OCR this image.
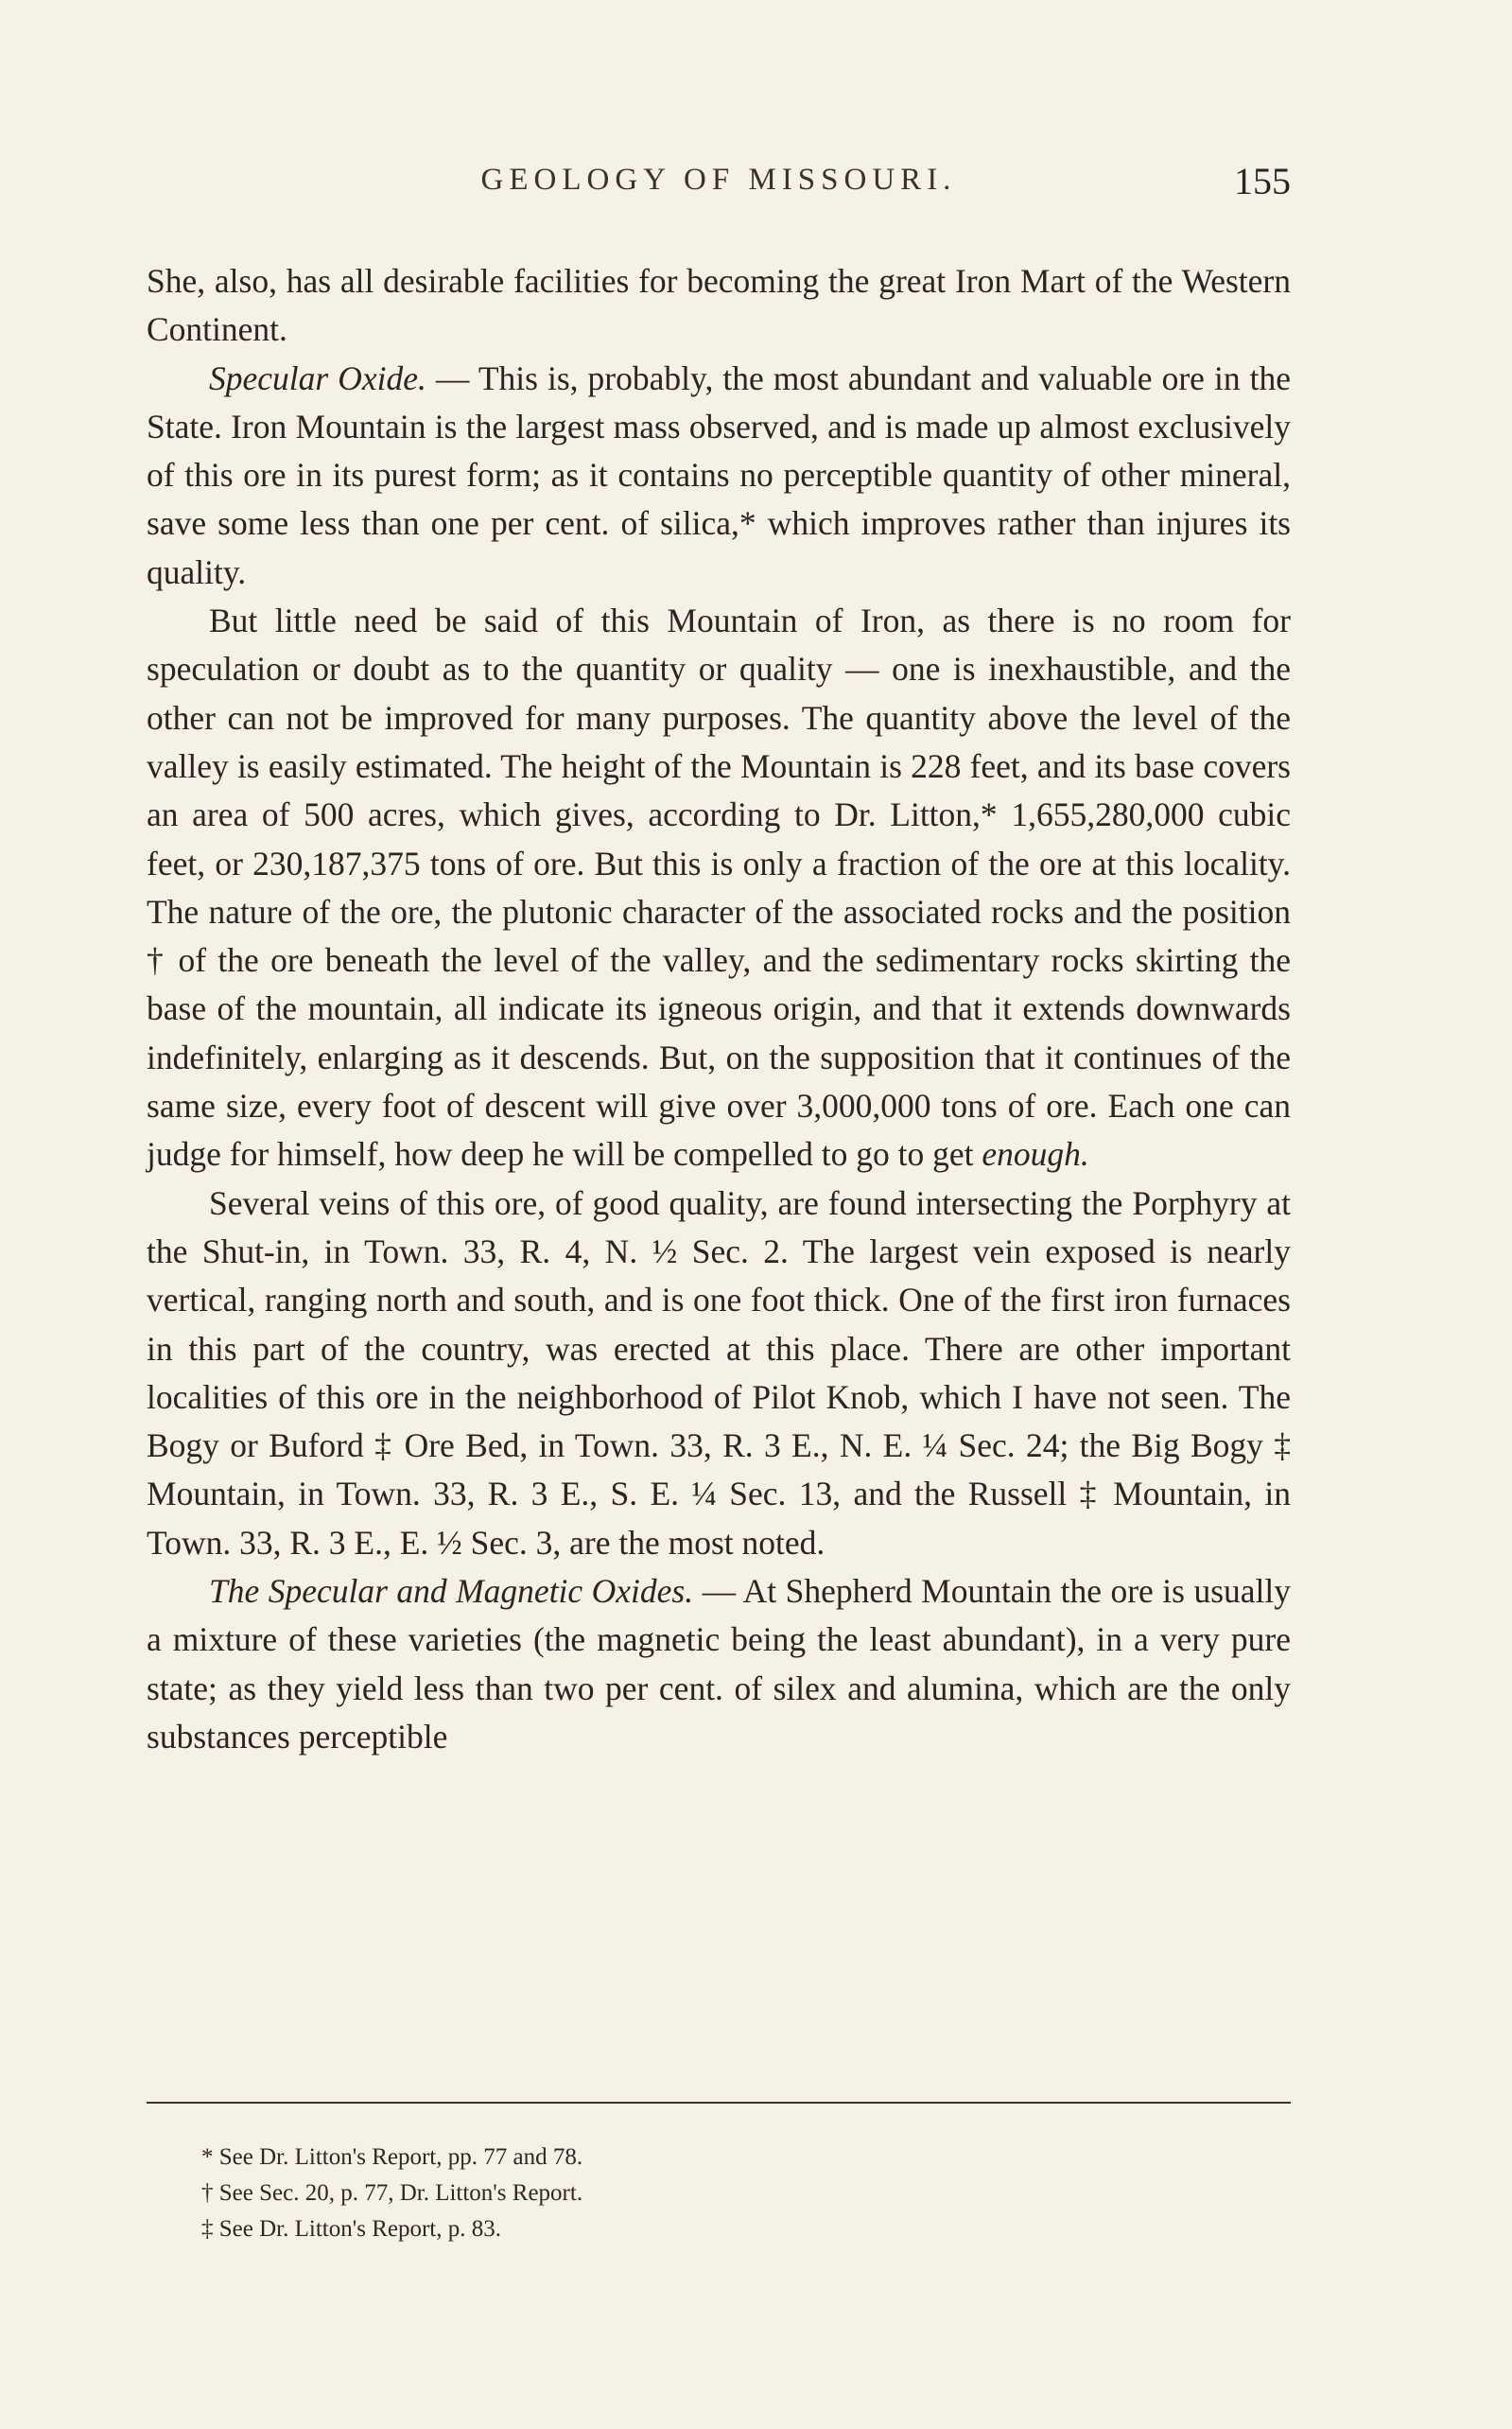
GEOLOGY OF MISSOURI.	155

She, also, has all desirable facilities for becoming the great Iron Mart of the Western Continent.

Specular Oxide. — This is, probably, the most abundant and valuable ore in the State. Iron Mountain is the largest mass observed, and is made up almost exclusively of this ore in its purest form; as it contains no perceptible quantity of other mineral, save some less than one per cent. of silica,* which improves rather than injures its quality.

But little need be said of this Mountain of Iron, as there is no room for speculation or doubt as to the quantity or quality — one is inexhaustible, and the other can not be improved for many purposes. The quantity above the level of the valley is easily estimated. The height of the Mountain is 228 feet, and its base covers an area of 500 acres, which gives, according to Dr. Litton,* 1,655,280,000 cubic feet, or 230,187,375 tons of ore. But this is only a fraction of the ore at this locality. The nature of the ore, the plutonic character of the associated rocks and the position † of the ore beneath the level of the valley, and the sedimentary rocks skirting the base of the mountain, all indicate its igneous origin, and that it extends downwards indefinitely, enlarging as it descends. But, on the supposition that it continues of the same size, every foot of descent will give over 3,000,000 tons of ore. Each one can judge for himself, how deep he will be compelled to go to get enough.

Several veins of this ore, of good quality, are found intersecting the Porphyry at the Shut-in, in Town. 33, R. 4, N. ½ Sec. 2. The largest vein exposed is nearly vertical, ranging north and south, and is one foot thick. One of the first iron furnaces in this part of the country, was erected at this place. There are other important localities of this ore in the neighborhood of Pilot Knob, which I have not seen. The Bogy or Buford ‡ Ore Bed, in Town. 33, R. 3 E., N. E. ¼ Sec. 24; the Big Bogy ‡ Mountain, in Town. 33, R. 3 E., S. E. ¼ Sec. 13, and the Russell ‡ Mountain, in Town. 33, R. 3 E., E. ½ Sec. 3, are the most noted.

The Specular and Magnetic Oxides. — At Shepherd Mountain the ore is usually a mixture of these varieties (the magnetic being the least abundant), in a very pure state; as they yield less than two per cent. of silex and alumina, which are the only substances perceptible

* See Dr. Litton's Report, pp. 77 and 78.
† See Sec. 20, p. 77, Dr. Litton's Report.
‡ See Dr. Litton's Report, p. 83.
